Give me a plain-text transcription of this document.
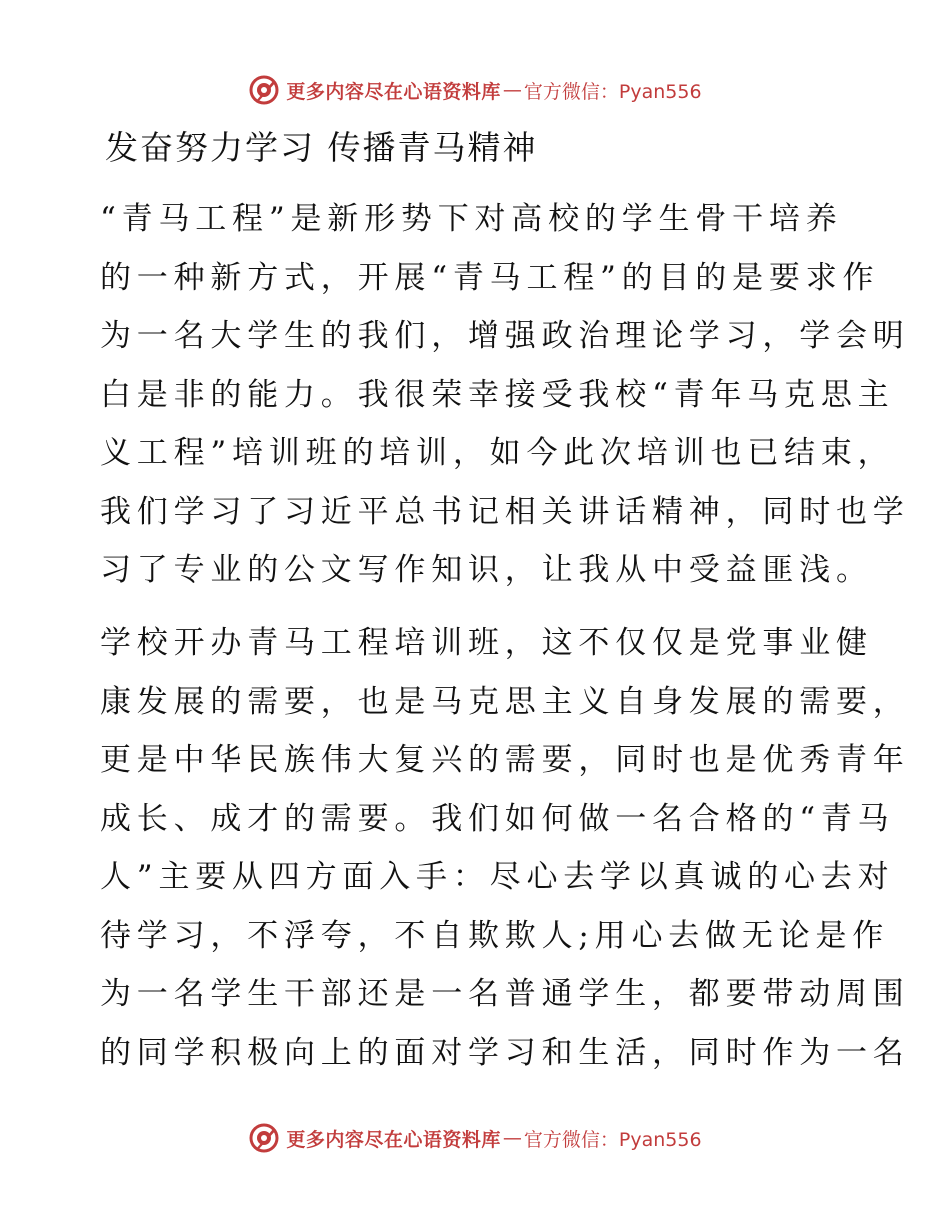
更多内容尽在心语资料库 — 官方微信：Pyan556
发奋努力学习 传播青马精神
“青马工程”是新形势下对高校的学生骨干培养
的一种新方式，开展“青马工程”的目的是要求作
为一名大学生的我们，增强政治理论学习，学会明
白是非的能力。我很荣幸接受我校“青年马克思主
义工程”培训班的培训，如今此次培训也已结束，
我们学习了习近平总书记相关讲话精神，同时也学
习了专业的公文写作知识，让我从中受益匪浅。
学校开办青马工程培训班，这不仅仅是党事业健
康发展的需要，也是马克思主义自身发展的需要，
更是中华民族伟大复兴的需要，同时也是优秀青年
成长、成才的需要。我们如何做一名合格的“青马
人”主要从四方面入手：尽心去学以真诚的心去对
待学习，不浮夸，不自欺欺人;用心去做无论是作
为一名学生干部还是一名普通学生，都要带动周围
的同学积极向上的面对学习和生活，同时作为一名
更多内容尽在心语资料库 — 官方微信：Pyan556
